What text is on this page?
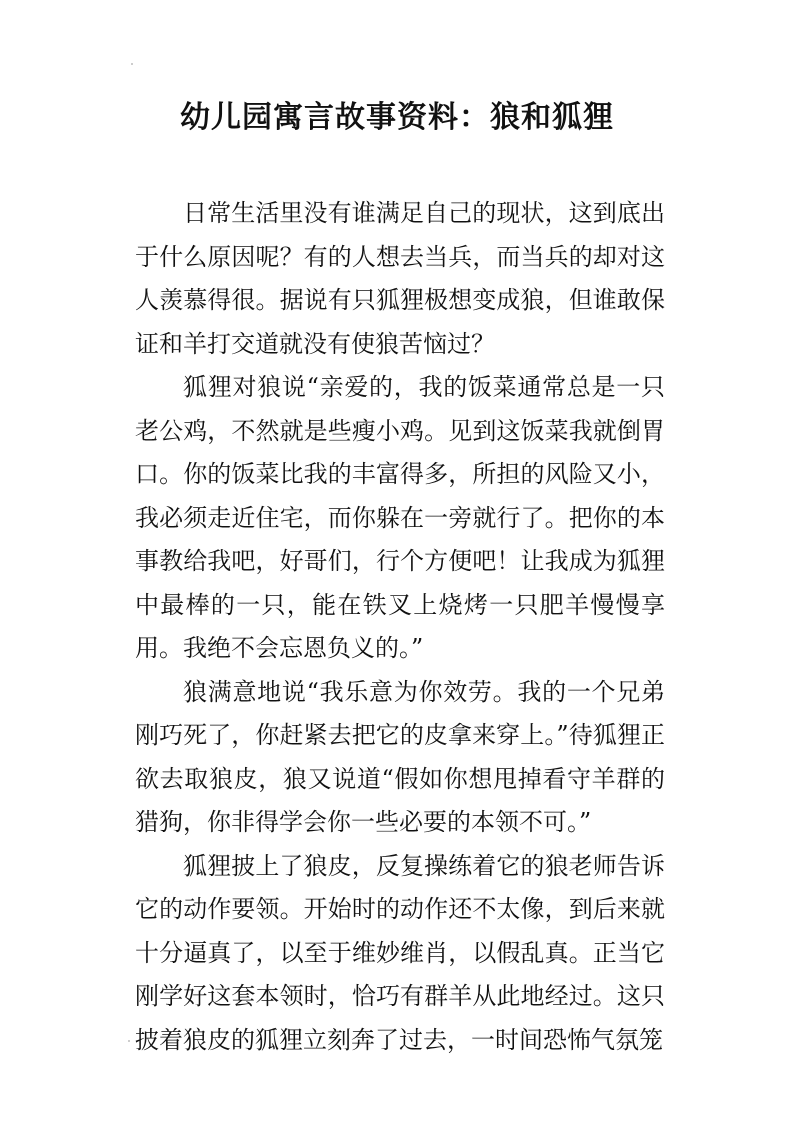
幼儿园寓言故事资料：狼和狐狸

日常生活里没有谁满足自己的现状，这到底出于什么原因呢？有的人想去当兵，而当兵的却对这人羡慕得很。据说有只狐狸极想变成狼，但谁敢保证和羊打交道就没有使狼苦恼过？

狐狸对狼说“亲爱的，我的饭菜通常总是一只老公鸡，不然就是些瘦小鸡。见到这饭菜我就倒胃口。你的饭菜比我的丰富得多，所担的风险又小，我必须走近住宅，而你躲在一旁就行了。把你的本事教给我吧，好哥们，行个方便吧！让我成为狐狸中最棒的一只，能在铁叉上烧烤一只肥羊慢慢享用。我绝不会忘恩负义的。”

狼满意地说“我乐意为你效劳。我的一个兄弟刚巧死了，你赶紧去把它的皮拿来穿上。”待狐狸正欲去取狼皮，狼又说道“假如你想甩掉看守羊群的猎狗，你非得学会你一些必要的本领不可。”

狐狸披上了狼皮，反复操练着它的狼老师告诉它的动作要领。开始时的动作还不太像，到后来就十分逼真了，以至于维妙维肖，以假乱真。正当它刚学好这套本领时，恰巧有群羊从此地经过。这只披着狼皮的狐狸立刻奔了过去，一时间恐怖气氛笼
